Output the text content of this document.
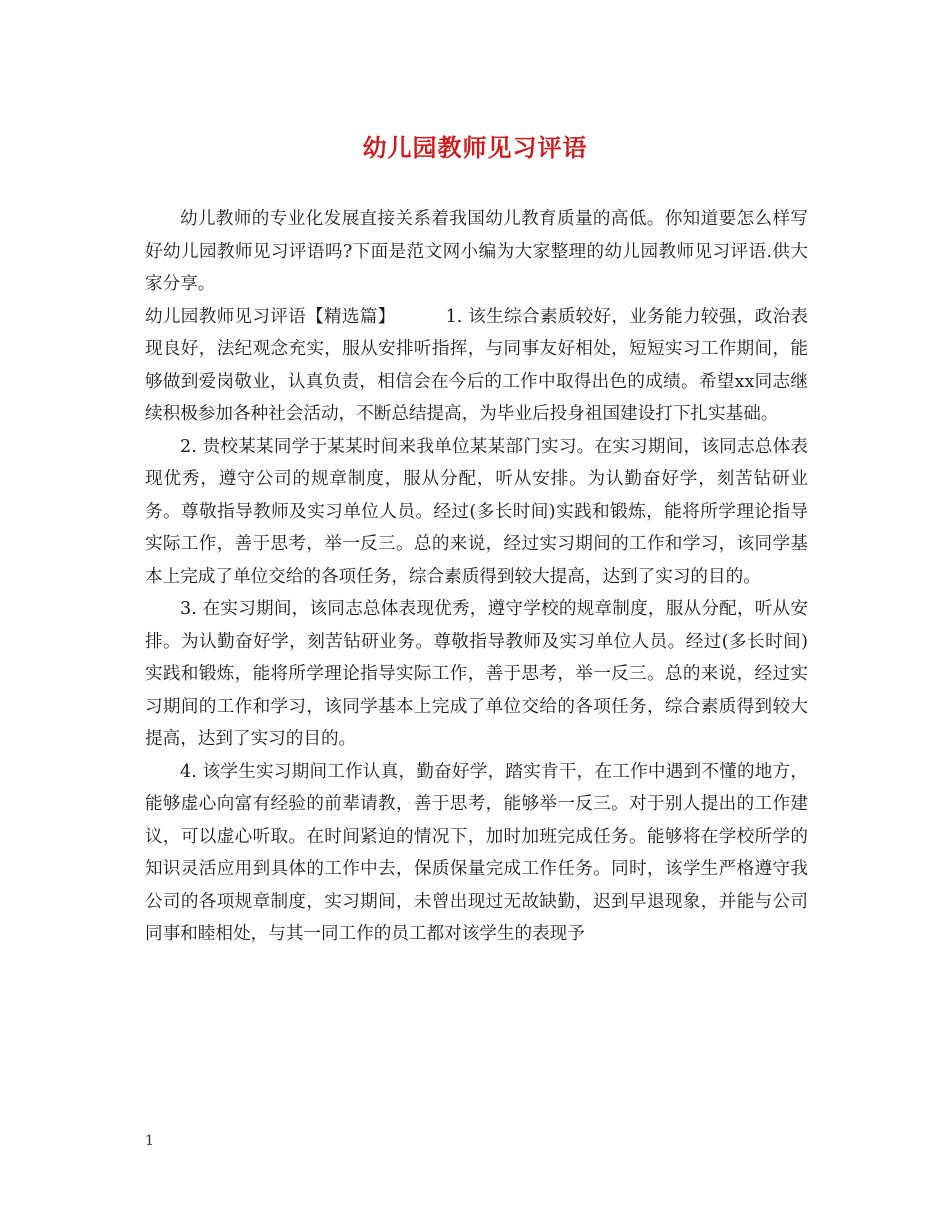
幼儿园教师见习评语

幼儿教师的专业化发展直接关系着我国幼儿教育质量的高低。你知道要怎么样写好幼儿园教师见习评语吗?下面是范文网小编为大家整理的幼儿园教师见习评语.供大家分享。

幼儿园教师见习评语【精选篇】	1. 该生综合素质较好，业务能力较强，政治表现良好，法纪观念充实，服从安排听指挥，与同事友好相处，短短实习工作期间，能够做到爱岗敬业，认真负责，相信会在今后的工作中取得出色的成绩。希望xx同志继续积极参加各种社会活动，不断总结提高，为毕业后投身祖国建设打下扎实基础。

2. 贵校某某同学于某某时间来我单位某某部门实习。在实习期间，该同志总体表现优秀，遵守公司的规章制度，服从分配，听从安排。为认勤奋好学，刻苦钻研业务。尊敬指导教师及实习单位人员。经过(多长时间)实践和锻炼，能将所学理论指导实际工作，善于思考，举一反三。总的来说，经过实习期间的工作和学习，该同学基本上完成了单位交给的各项任务，综合素质得到较大提高，达到了实习的目的。

3. 在实习期间，该同志总体表现优秀，遵守学校的规章制度，服从分配，听从安排。为认勤奋好学，刻苦钻研业务。尊敬指导教师及实习单位人员。经过(多长时间)实践和锻炼，能将所学理论指导实际工作，善于思考，举一反三。总的来说，经过实习期间的工作和学习，该同学基本上完成了单位交给的各项任务，综合素质得到较大提高，达到了实习的目的。

4. 该学生实习期间工作认真，勤奋好学，踏实肯干，在工作中遇到不懂的地方，能够虚心向富有经验的前辈请教，善于思考，能够举一反三。对于别人提出的工作建议，可以虚心听取。在时间紧迫的情况下，加时加班完成任务。能够将在学校所学的知识灵活应用到具体的工作中去，保质保量完成工作任务。同时，该学生严格遵守我公司的各项规章制度，实习期间，未曾出现过无故缺勤，迟到早退现象，并能与公司同事和睦相处，与其一同工作的员工都对该学生的表现予

1
